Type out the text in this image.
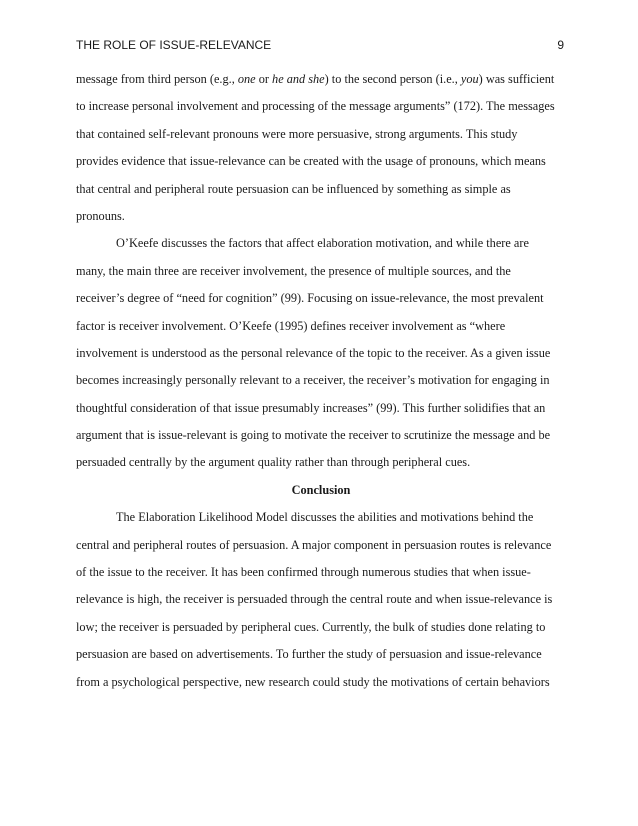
THE ROLE OF ISSUE-RELEVANCE	9
message from third person (e.g., one or he and she ) to the second person (i.e., you ) was sufficient
to increase personal involvement and processing of the message arguments” (172). The messages
that contained self-relevant pronouns were more persuasive, strong arguments. This study
provides evidence that issue-relevance can be created with the usage of pronouns, which means
that central and peripheral route persuasion can be influenced by something as simple as
pronouns.
O’Keefe discusses the factors that affect elaboration motivation, and while there are
many, the main three are receiver involvement, the presence of multiple sources, and the
receiver’s degree of “need for cognition” (99). Focusing on issue-relevance, the most prevalent
factor is receiver involvement. O’Keefe (1995) defines receiver involvement as “where
involvement is understood as the personal relevance of the topic to the receiver. As a given issue
becomes increasingly personally relevant to a receiver, the receiver’s motivation for engaging in
thoughtful consideration of that issue presumably increases” (99). This further solidifies that an
argument that is issue-relevant is going to motivate the receiver to scrutinize the message and be
persuaded centrally by the argument quality rather than through peripheral cues.
Conclusion
The Elaboration Likelihood Model discusses the abilities and motivations behind the
central and peripheral routes of persuasion. A major component in persuasion routes is relevance
of the issue to the receiver. It has been confirmed through numerous studies that when issue-
relevance is high, the receiver is persuaded through the central route and when issue-relevance is
low; the receiver is persuaded by peripheral cues. Currently, the bulk of studies done relating to
persuasion are based on advertisements. To further the study of persuasion and issue-relevance
from a psychological perspective, new research could study the motivations of certain behaviors
